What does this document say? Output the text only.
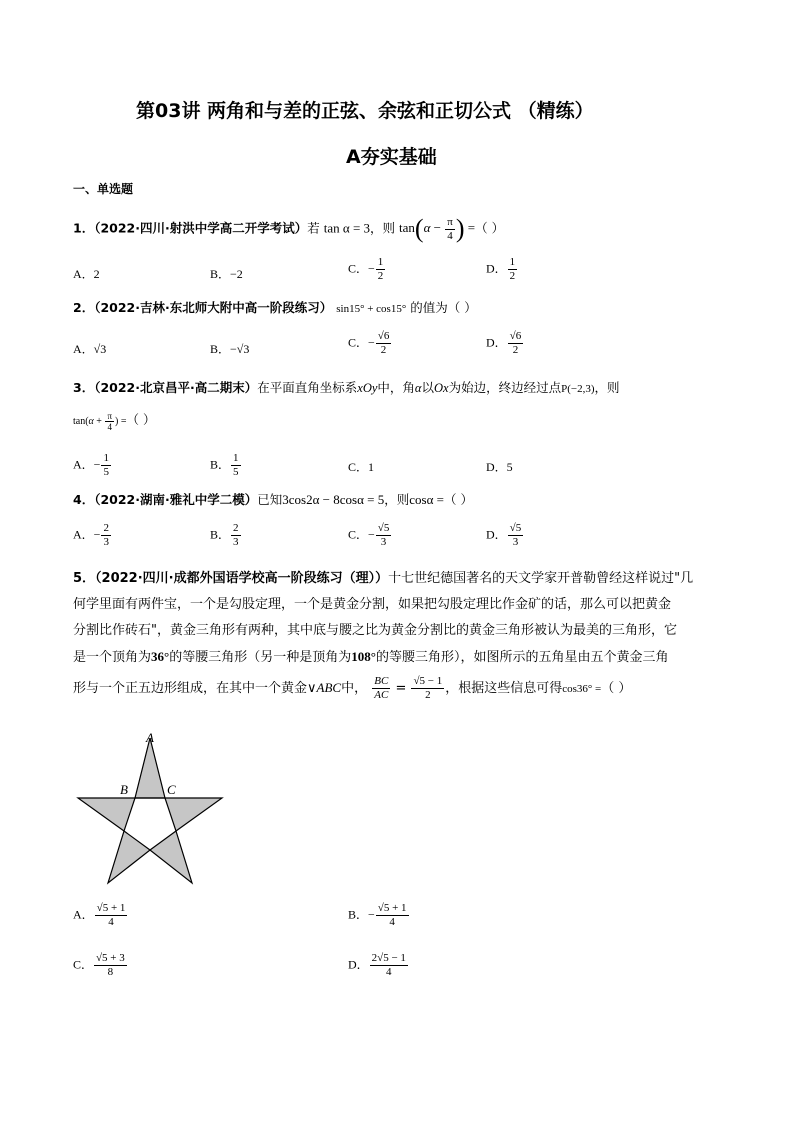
第03讲 两角和与差的正弦、余弦和正切公式 （精练）
A夯实基础
一、单选题
1．（2022·四川·射洪中学高二开学考试）若 tan α = 3，则 $\tan(\alpha - \frac{\pi}{4}$ ) =（ ）
A．2	B．−2	C．− $\frac{1}{2}$	D． $\frac{1}{2}$
2．（2022·吉林·东北师大附中高一阶段练习） sin15° + cos15° 的值为（ ）
A．√3	B．−√3	C．− $\frac{√6}{2}$	D． $\frac{√6}{2}$
3．（2022·北京昌平·高二期末）在平面直角坐标系xOy中，角α以Ox为始边，终边经过点P(−2,3)，则
$\tan(\alpha + \frac{\pi}{4}$ ) =（ ）
A．− $\frac{1}{5}$	B． $\frac{1}{5}$	C．1	D．5
4．（2022·湖南·雅礼中学二模）已知3cos2α − 8cosα = 5，则cosα =（ ）
A．− $\frac{2}{3}$	B． $\frac{2}{3}$	C．− $\frac{√5}{3}$	D． $\frac{√5}{3}$
5．（2022·四川·成都外国语学校高一阶段练习（理））十七世纪德国著名的天文学家开普勒曾经这样说过"几
何学里面有两件宝，一个是勾股定理，一个是黄金分割，如果把勾股定理比作金矿的话，那么可以把黄金
分割比作砖石"，黄金三角形有两种，其中底与腰之比为黄金分割比的黄金三角形被认为最美的三角形，它
是一个顶角为36°的等腰三角形（另一种是顶角为108°的等腰三角形），如图所示的五角星由五个黄金三角
形与一个正五边形组成，在其中一个黄金∨ABC中， $\frac{BC}{AC} = \frac{√5 - 1}{2}$ ，根据这些信息可得cos36° =（ ）
A
B	C
A． $\frac{√5 + 1}{4}$	B．− $\frac{√5 + 1}{4}$
C． $\frac{√5 + 3}{8}$	D． $\frac{2√5 - 1}{4}$
